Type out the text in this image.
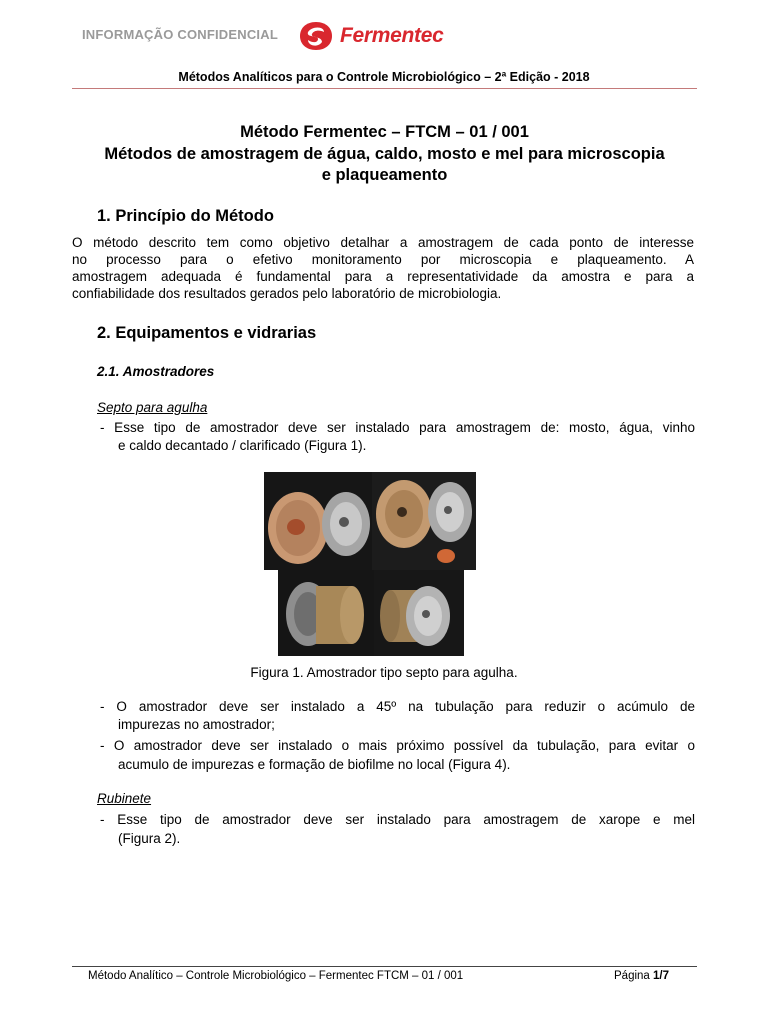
INFORMAÇÃO CONFIDENCIAL	Fermentec
Métodos Analíticos para o Controle Microbiológico – 2ª Edição - 2018
Método Fermentec – FTCM – 01 / 001
Métodos de amostragem de água, caldo, mosto e mel para microscopia
e plaqueamento
1. Princípio do Método
O método descrito tem como objetivo detalhar a amostragem de cada ponto de interesse
no processo para o efetivo monitoramento por microscopia e plaqueamento. A
amostragem adequada é fundamental para a representatividade da amostra e para a
confiabilidade dos resultados gerados pelo laboratório de microbiologia.
2. Equipamentos e vidrarias
2.1. Amostradores
Septo para agulha
- Esse tipo de amostrador deve ser instalado para amostragem de: mosto, água, vinho
e caldo decantado / clarificado (Figura 1).
Figura 1. Amostrador tipo septo para agulha.
- O amostrador deve ser instalado a 45º na tubulação para reduzir o acúmulo de
impurezas no amostrador;
- O amostrador deve ser instalado o mais próximo possível da tubulação, para evitar o
acumulo de impurezas e formação de biofilme no local (Figura 4).
Rubinete
- Esse tipo de amostrador deve ser instalado para amostragem de xarope e mel
(Figura 2).
Método Analítico – Controle Microbiológico – Fermentec FTCM – 01 / 001	Página 1/7
